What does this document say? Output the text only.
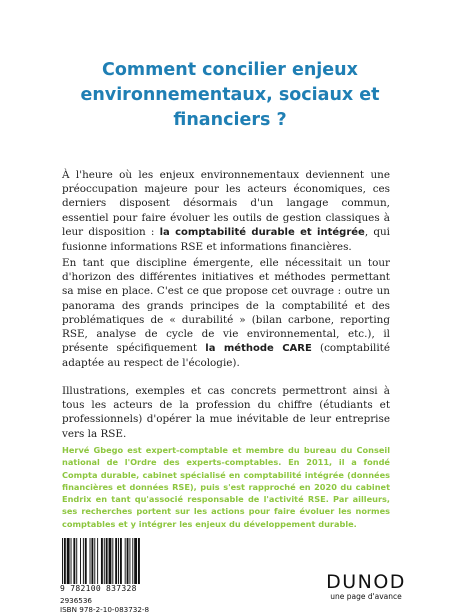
Comment concilier enjeux environnementaux, sociaux et financiers ?
À l'heure où les enjeux environnementaux deviennent une préoccupation majeure pour les acteurs économiques, ces derniers disposent désormais d'un langage commun, essentiel pour faire évoluer les outils de gestion classiques à leur disposition : la comptabilité durable et intégrée, qui fusionne informations RSE et informations financières.
En tant que discipline émergente, elle nécessitait un tour d'horizon des différentes initiatives et méthodes permettant sa mise en place. C'est ce que propose cet ouvrage : outre un panorama des grands principes de la comptabilité et des problématiques de « durabilité » (bilan carbone, reporting RSE, analyse de cycle de vie environnemental, etc.), il présente spécifiquement la méthode CARE (comptabilité adaptée au respect de l'écologie).
Illustrations, exemples et cas concrets permettront ainsi à tous les acteurs de la profession du chiffre (étudiants et professionnels) d'opérer la mue inévitable de leur entreprise vers la RSE.
Hervé Gbego est expert-comptable et membre du bureau du Conseil national de l'Ordre des experts-comptables. En 2011, il a fondé Compta durable, cabinet spécialisé en comptabilité intégrée (données financières et données RSE), puis s'est rapproché en 2020 du cabinet Endrix en tant qu'associé responsable de l'activité RSE. Par ailleurs, ses recherches portent sur les actions pour faire évoluer les normes comptables et y intégrer les enjeux du développement durable.
9 782100 837328
2936536
ISBN 978-2-10-083732-8
DUNOD
une page d'avance
